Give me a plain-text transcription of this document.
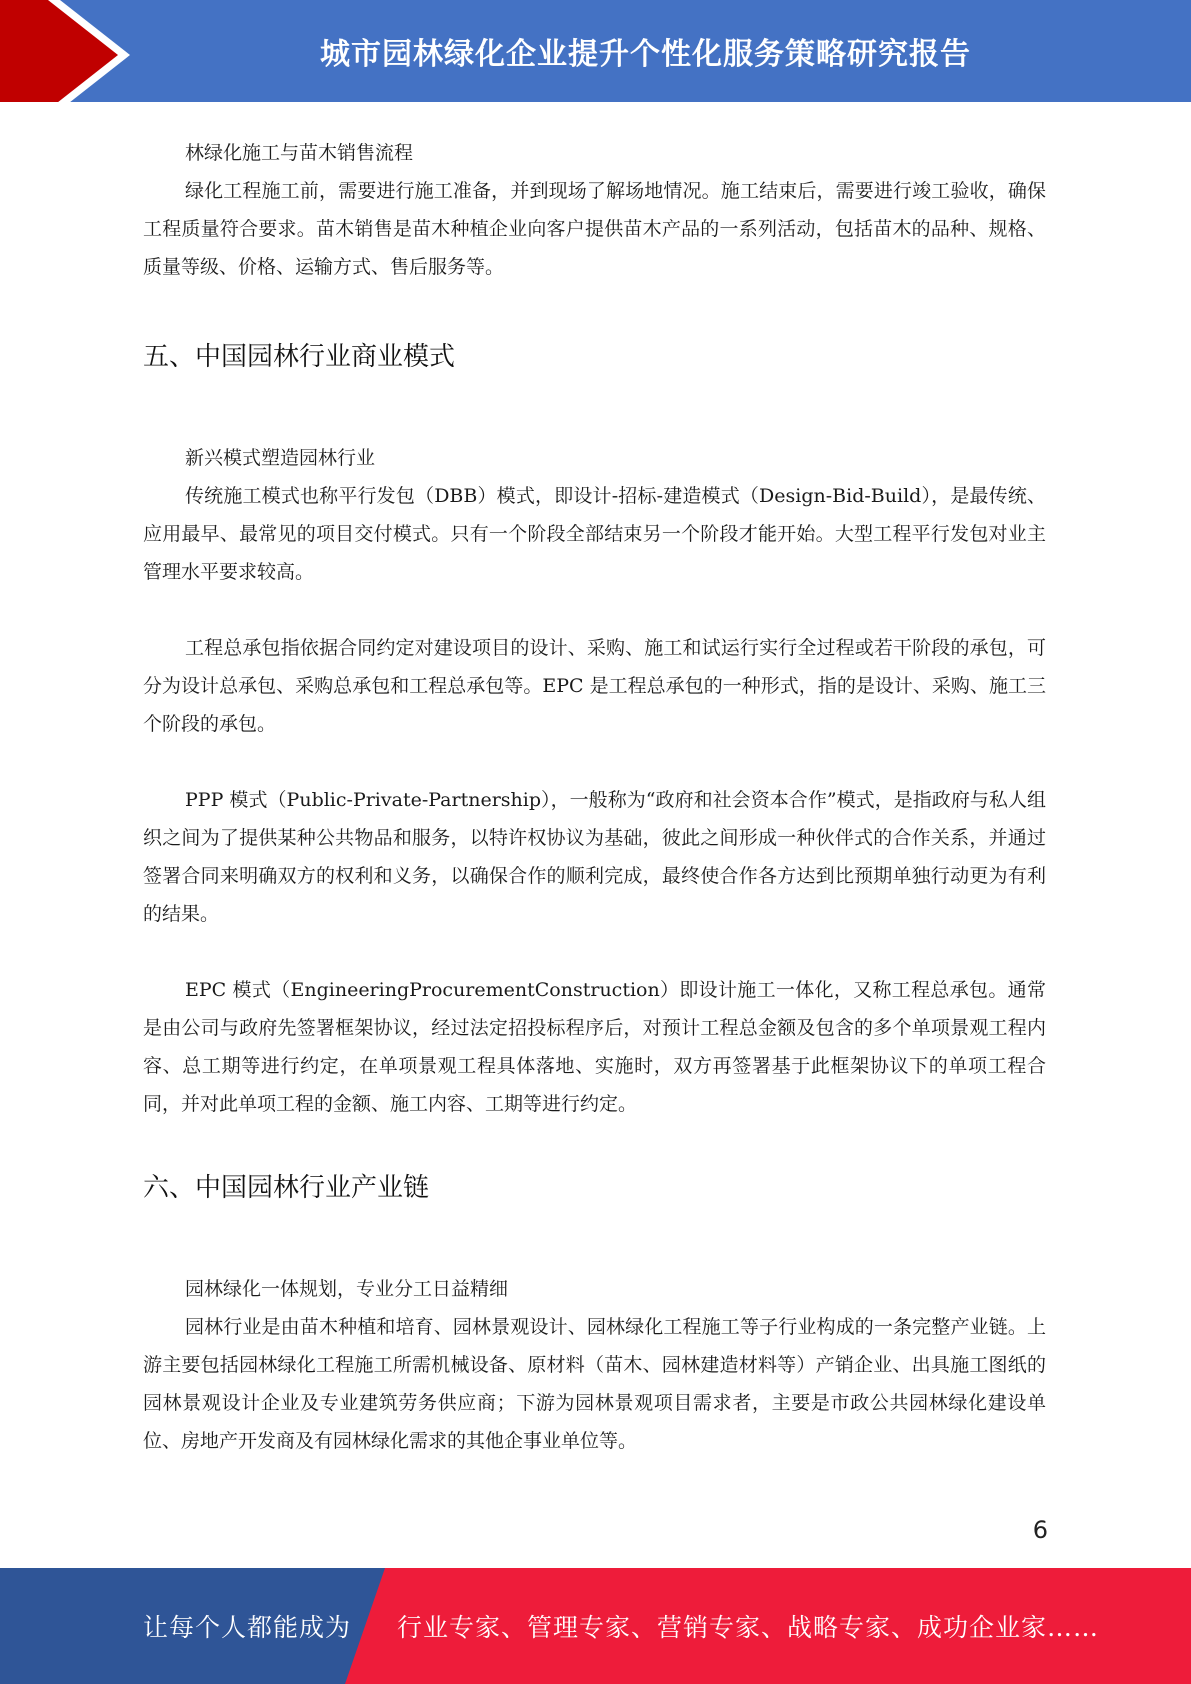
城市园林绿化企业提升个性化服务策略研究报告

林绿化施工与苗木销售流程

绿化工程施工前，需要进行施工准备，并到现场了解场地情况。施工结束后，需要进行竣工验收，确保工程质量符合要求。苗木销售是苗木种植企业向客户提供苗木产品的一系列活动，包括苗木的品种、规格、质量等级、价格、运输方式、售后服务等。

五、中国园林行业商业模式

新兴模式塑造园林行业

传统施工模式也称平行发包（DBB）模式，即设计-招标-建造模式（Design-Bid-Build），是最传统、应用最早、最常见的项目交付模式。只有一个阶段全部结束另一个阶段才能开始。大型工程平行发包对业主管理水平要求较高。

工程总承包指依据合同约定对建设项目的设计、采购、施工和试运行实行全过程或若干阶段的承包，可分为设计总承包、采购总承包和工程总承包等。EPC 是工程总承包的一种形式，指的是设计、采购、施工三个阶段的承包。

PPP 模式（Public-Private-Partnership），一般称为“政府和社会资本合作”模式，是指政府与私人组织之间为了提供某种公共物品和服务，以特许权协议为基础，彼此之间形成一种伙伴式的合作关系，并通过签署合同来明确双方的权利和义务，以确保合作的顺利完成，最终使合作各方达到比预期单独行动更为有利的结果。

EPC 模式（EngineeringProcurementConstruction）即设计施工一体化，又称工程总承包。通常是由公司与政府先签署框架协议，经过法定招投标程序后，对预计工程总金额及包含的多个单项景观工程内容、总工期等进行约定，在单项景观工程具体落地、实施时，双方再签署基于此框架协议下的单项工程合同，并对此单项工程的金额、施工内容、工期等进行约定。

六、中国园林行业产业链

园林绿化一体规划，专业分工日益精细

园林行业是由苗木种植和培育、园林景观设计、园林绿化工程施工等子行业构成的一条完整产业链。上游主要包括园林绿化工程施工所需机械设备、原材料（苗木、园林建造材料等）产销企业、出具施工图纸的园林景观设计企业及专业建筑劳务供应商；下游为园林景观项目需求者，主要是市政公共园林绿化建设单位、房地产开发商及有园林绿化需求的其他企事业单位等。

6
让每个人都能成为 行业专家、管理专家、营销专家、战略专家、成功企业家……
